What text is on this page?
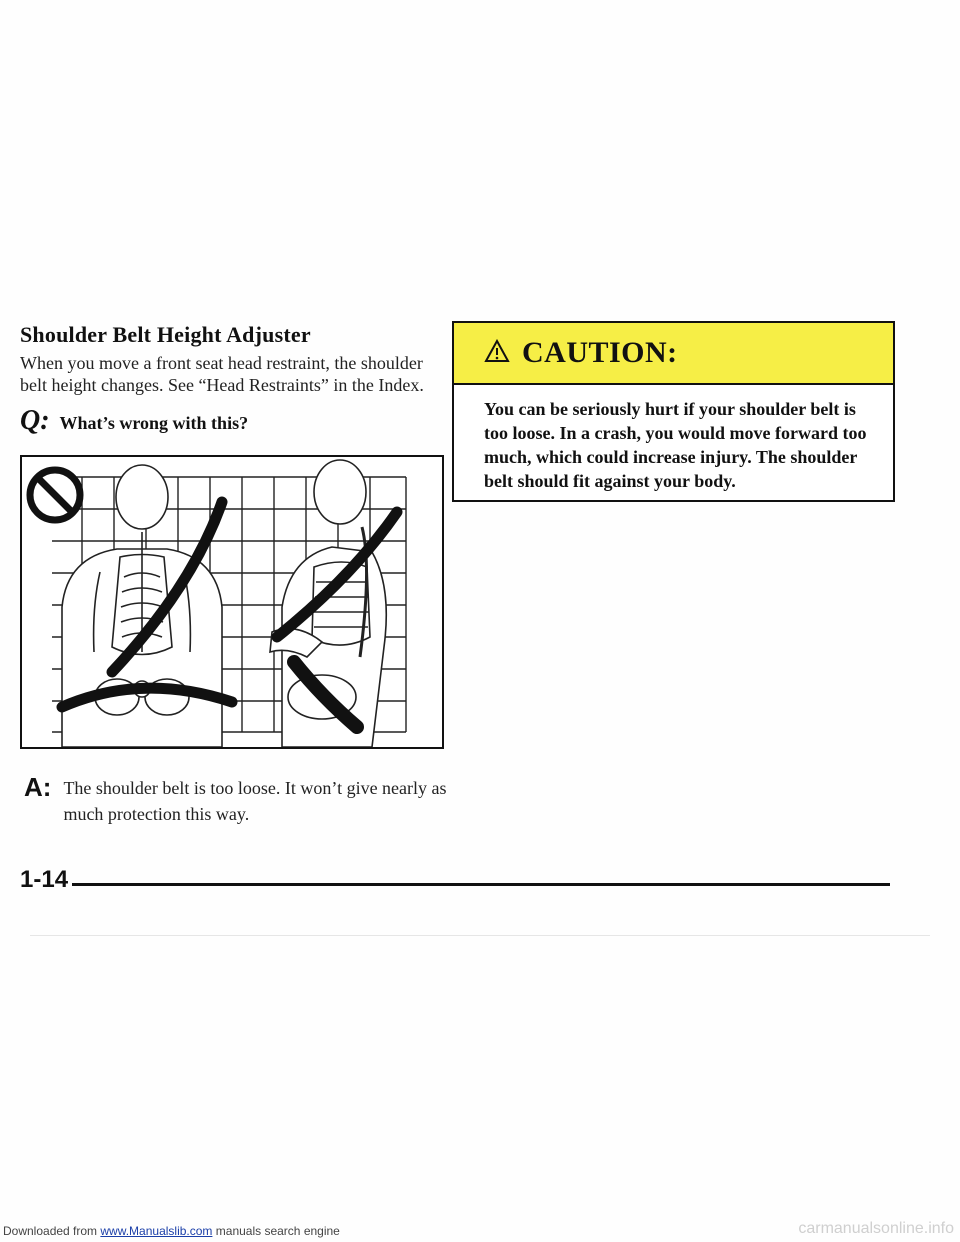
Shoulder Belt Height Adjuster
When you move a front seat head restraint, the shoulder belt height changes. See “Head Restraints” in the Index.
Q: What’s wrong with this?
A: The shoulder belt is too loose. It won’t give nearly as much protection this way.
CAUTION:
You can be seriously hurt if your shoulder belt is too loose. In a crash, you would move forward too much, which could increase injury. The shoulder belt should fit against your body.
1-14
Downloaded from www.Manualslib.com manuals search engine	carmanualsonline.info
